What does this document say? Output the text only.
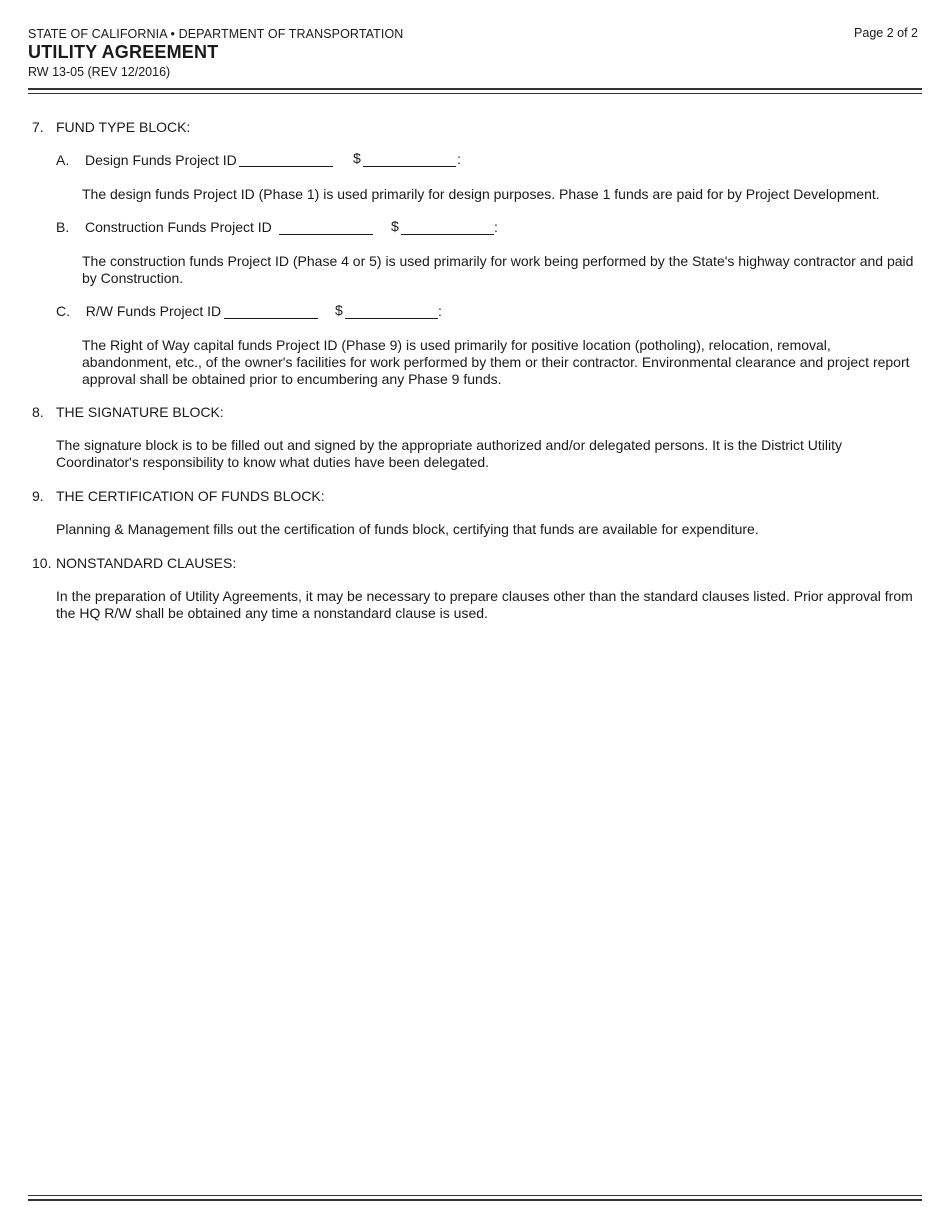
STATE OF CALIFORNIA • DEPARTMENT OF TRANSPORTATION
UTILITY AGREEMENT
RW 13-05 (REV 12/2016)
Page 2 of 2
7. FUND TYPE BLOCK:
A. Design Funds Project ID	$	:
The design funds Project ID (Phase 1) is used primarily for design purposes. Phase 1 funds are paid for by Project Development.
B. Construction Funds Project ID	$	:
The construction funds Project ID (Phase 4 or 5) is used primarily for work being performed by the State's highway contractor and paid by Construction.
C. R/W Funds Project ID	$	:
The Right of Way capital funds Project ID (Phase 9) is used primarily for positive location (potholing), relocation, removal, abandonment, etc., of the owner's facilities for work performed by them or their contractor. Environmental clearance and project report approval shall be obtained prior to encumbering any Phase 9 funds.
8. THE SIGNATURE BLOCK:
The signature block is to be filled out and signed by the appropriate authorized and/or delegated persons. It is the District Utility Coordinator's responsibility to know what duties have been delegated.
9. THE CERTIFICATION OF FUNDS BLOCK:
Planning & Management fills out the certification of funds block, certifying that funds are available for expenditure.
10. NONSTANDARD CLAUSES:
In the preparation of Utility Agreements, it may be necessary to prepare clauses other than the standard clauses listed. Prior approval from the HQ R/W shall be obtained any time a nonstandard clause is used.
